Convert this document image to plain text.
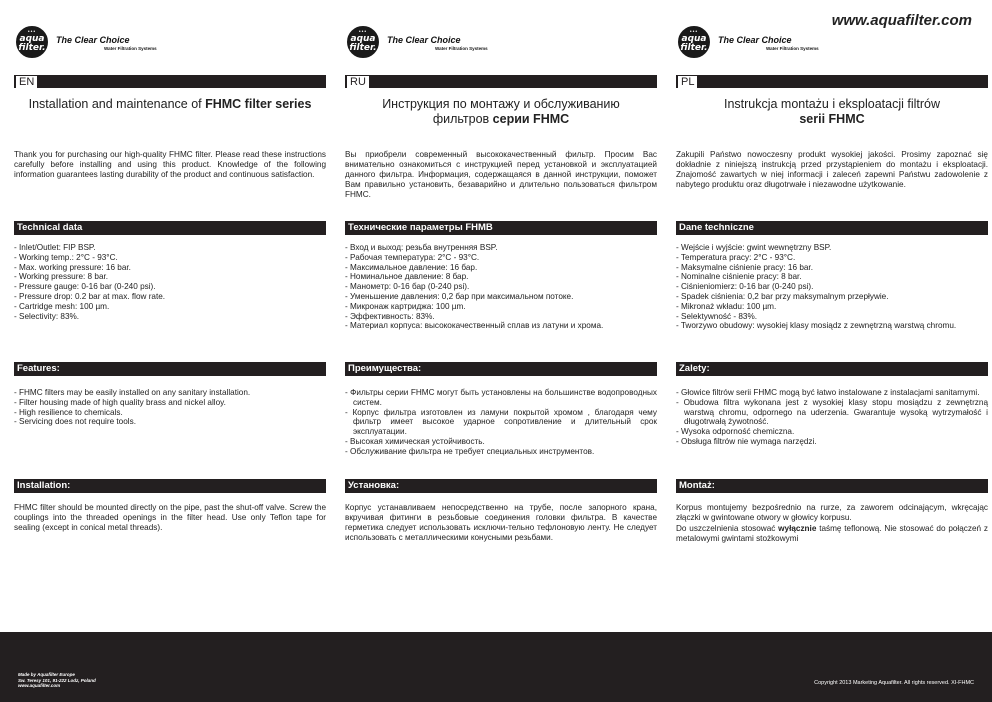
www.aquafilter.com
•••
aqua
filter.
The Clear Choice
Water Filtration Systems
EN
Installation and maintenance of FHMC filter series

Thank you for purchasing our high-quality FHMC filter. Please read these instructions carefully before installing and using this product. Knowledge of the following information guarantees lasting durability of the product and continuous satisfaction.

Technical data
- Inlet/Outlet: FIP BSP.
- Working temp.: 2°C - 93°C.
- Max. working pressure: 16 bar.
- Working pressure: 8 bar.
- Pressure gauge: 0-16 bar (0-240 psi).
- Pressure drop: 0.2 bar at max. flow rate.
- Cartridge mesh: 100 µm.
- Selectivity: 83%.
Features:
- FHMC filters may be easily installed on any sanitary installation.
- Filter housing made of high quality brass and nickel alloy.
- High resilience to chemicals.
- Servicing does not require tools.
Installation:

FHMC filter should be mounted directly on the pipe, past the shut-off valve. Screw the couplings into the threaded openings in the filter head. Use only Teflon tape for sealing (except in conical metal threads).

•••
aqua
filter.
The Clear Choice
Water Filtration Systems
RU
Инструкция по монтажу и обслуживанию
фильтров серии FHMC

Вы приобрели современный высококачественный фильтр. Просим Вас внимательно ознакомиться с инструкцией перед установкой и эксплуатацией данного фильтра. Информация, содержащаяся в данной инструкции, поможет Вам правильно установить, безаварийно и длительно пользоваться фильтром FHMC.

Технические параметры FHMB
- Вход и выход: резьба внутренняя BSP.
- Рабочая температура: 2°C - 93°C.
- Максимальное давление: 16 бар.
- Номинальное давление: 8 бар.
- Манометр: 0-16 бар (0-240 psi).
- Уменьшение давления: 0,2 бар при максимальном потоке.
- Микронаж картриджа: 100 µm.
- Эффективность: 83%.
- Материал корпуса: высококачественный сплав из латуни и хрома.
Преимущества:
- Фильтры серии FHMC могут быть установлены на большинстве водопроводных систем.
- Корпус фильтра изготовлен из ламуни покрытой хромом , благодаря чему фильтр имеет высокое ударное сопротивление и длительный срок эксплуатации.
- Высокая химическая устойчивость.
- Обслуживание фильтра не требует специальных инструментов.
Установка:

Корпус устанавливаем непосредственно на трубе, после запорного крана, вкручивая фитинги в резьбовые соединения головки фильтра. В качестве герметика следует использовать исключи-тельно тефлоновую ленту. Не следует использовать с металлическими конусными резьбами.

•••
aqua
filter.
The Clear Choice
Water Filtration Systems
PL
Instrukcja montażu i eksploatacji filtrów
serii FHMC

Zakupili Państwo nowoczesny produkt wysokiej jakości. Prosimy zapoznać się dokładnie z niniejszą instrukcją przed przystąpieniem do montażu i eksploatacji. Znajomość zawartych w niej informacji i zaleceń zapewni Państwu zadowolenie z nabytego produktu oraz długotrwałe i niezawodne użytkowanie.

Dane techniczne
- Wejście i wyjście: gwint wewnętrzny BSP.
- Temperatura pracy: 2°C - 93°C.
- Maksymalne ciśnienie pracy: 16 bar.
- Nominalne ciśnienie pracy: 8 bar.
- Ciśnieniomierz: 0-16 bar (0-240 psi).
- Spadek ciśnienia: 0,2 bar przy maksymalnym przepływie.
- Mikronaż wkładu: 100 µm.
- Selektywność - 83%.
- Tworzywo obudowy: wysokiej klasy mosiądz z zewnętrzną warstwą chromu.
Zalety:
- Głowice filtrów serii FHMC mogą być łatwo instalowane z instalacjami sanitarnymi.
- Obudowa filtra wykonana jest z wysokiej klasy stopu mosiądzu z zewnętrzną warstwą chromu, odpornego na uderzenia. Gwarantuje wysoką wytrzymałość i długotrwałą żywotność.
- Wysoka odporność chemiczna.
- Obsługa filtrów nie wymaga narzędzi.
Montaż:

Korpus montujemy bezpośrednio na rurze, za zaworem odcinającym, wkręcając złączki w gwintowane otwory w głowicy korpusu.

Do uszczelnienia stosować wyłącznie taśmę teflonową. Nie stosować do połączeń z metalowymi gwintami stożkowymi

Made by Aquafilter Europe
Sw. Teresy 101, 91-222 Lodz, Poland
www.aquafilter.com	Copyright 2013 Marketing Aquafilter. All rights reserved. XI-FHMC
